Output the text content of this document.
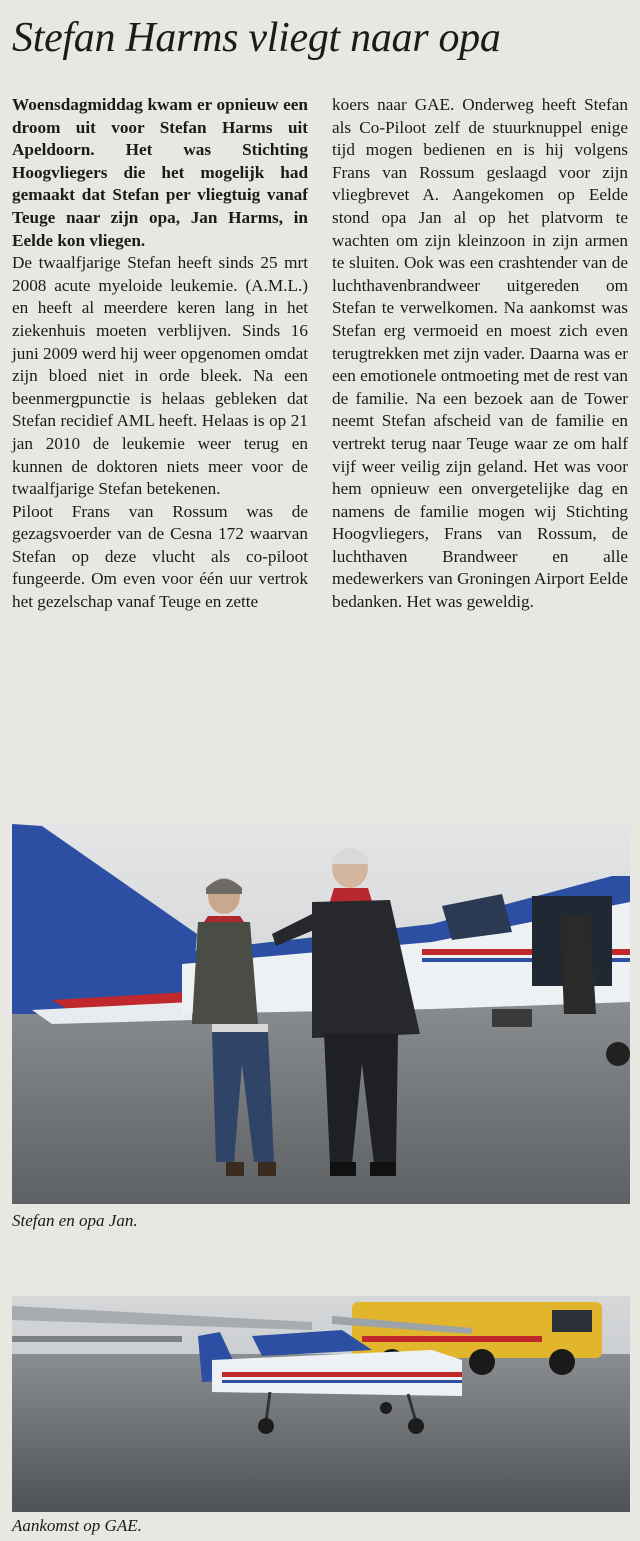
Stefan Harms vliegt naar opa

Woensdagmiddag kwam er opnieuw een droom uit voor Stefan Harms uit Apeldoorn. Het was Stichting Hoogvliegers die het mogelijk had gemaakt dat Stefan per vliegtuig vanaf Teuge naar zijn opa, Jan Harms, in Eelde kon vliegen.

De twaalfjarige Stefan heeft sinds 25 mrt 2008 acute myeloide leukemie. (A.M.L.) en heeft al meerdere keren lang in het ziekenhuis moeten verblijven. Sinds 16 juni 2009 werd hij weer opgenomen omdat zijn bloed niet in orde bleek. Na een beenmergpunctie is helaas gebleken dat Stefan recidief AML heeft. Helaas is op 21 jan 2010 de leukemie weer terug en kunnen de doktoren niets meer voor de twaalfjarige Stefan betekenen.

Piloot Frans van Rossum was de gezagsvoerder van de Cesna 172 waarvan Stefan op deze vlucht als co-piloot fungeerde. Om even voor één uur vertrok het gezelschap vanaf Teuge en zette

koers naar GAE. Onderweg heeft Stefan als Co-Piloot zelf de stuurknuppel enige tijd mogen bedienen en is hij volgens Frans van Rossum geslaagd voor zijn vliegbrevet A. Aangekomen op Eelde stond opa Jan al op het platvorm te wachten om zijn kleinzoon in zijn armen te sluiten. Ook was een crashtender van de luchthavenbrandweer uitgereden om Stefan te verwelkomen. Na aankomst was Stefan erg vermoeid en moest zich even terugtrekken met zijn vader. Daarna was er een emotionele ontmoeting met de rest van de familie. Na een bezoek aan de Tower neemt Stefan afscheid van de familie en vertrekt terug naar Teuge waar ze om half vijf weer veilig zijn geland. Het was voor hem opnieuw een onvergetelijke dag en namens de familie mogen wij Stichting Hoogvliegers, Frans van Rossum, de luchthaven Brandweer en alle medewerkers van Groningen Airport Eelde bedanken. Het was geweldig.

Stefan en opa Jan.
Aankomst op GAE.
